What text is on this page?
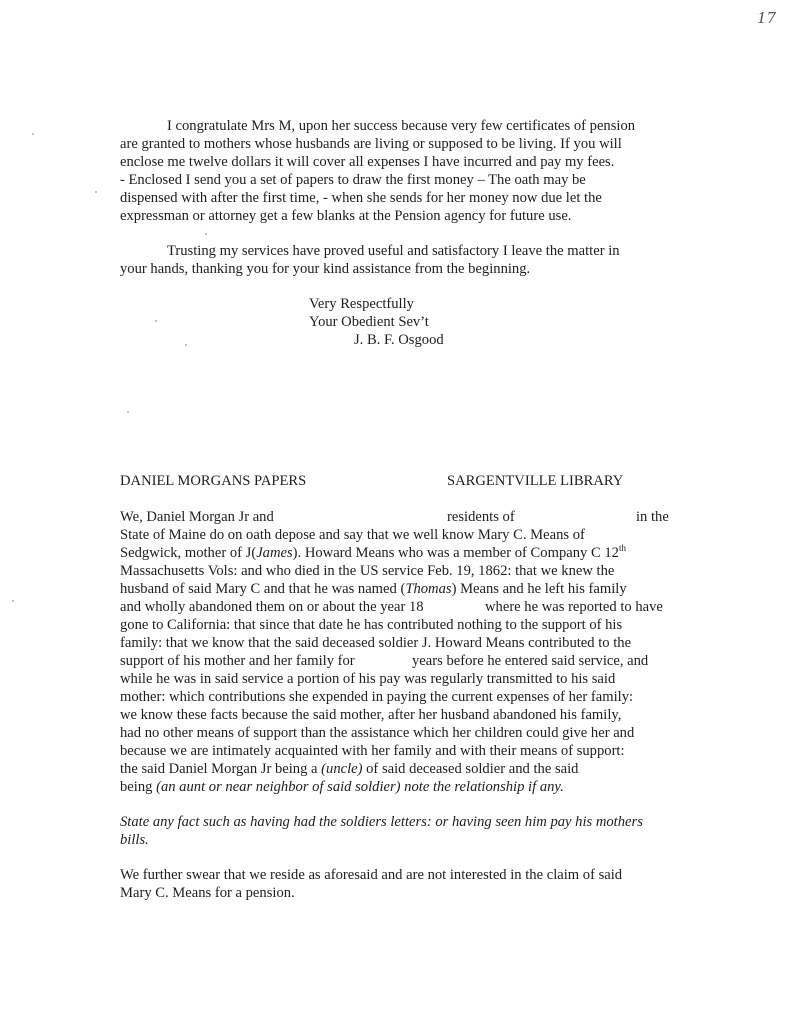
17
I congratulate Mrs M, upon her success because very few certificates of pension
are granted to mothers whose husbands are living or supposed to be living. If you will
enclose me twelve dollars it will cover all expenses I have incurred and pay my fees.
- Enclosed I send you a set of papers to draw the first money – The oath may be
dispensed with after the first time, - when she sends for her money now due let the
expressman or attorney get a few blanks at the Pension agency for future use.
Trusting my services have proved useful and satisfactory I leave the matter in
your hands, thanking you for your kind assistance from the beginning.
Very Respectfully
Your Obedient Sev’t
J. B. F. Osgood
DANIEL MORGANS PAPERS	SARGENTVILLE LIBRARY
We, Daniel Morgan Jr and	residents of	in the
State of Maine do on oath depose and say that we well know Mary C. Means of
Sedgwick, mother of J(James). Howard Means who was a member of Company C 12th
Massachusetts Vols: and who died in the US service Feb. 19, 1862: that we knew the
husband of said Mary C and that he was named (Thomas) Means and he left his family
and wholly abandoned them on or about the year 18	where he was reported to have
gone to California: that since that date he has contributed nothing to the support of his
family: that we know that the said deceased soldier J. Howard Means contributed to the
support of his mother and her family for	years before he entered said service, and
while he was in said service a portion of his pay was regularly transmitted to his said
mother: which contributions she expended in paying the current expenses of her family:
we know these facts because the said mother, after her husband abandoned his family,
had no other means of support than the assistance which her children could give her and
because we are intimately acquainted with her family and with their means of support:
the said Daniel Morgan Jr being a (uncle) of said deceased soldier and the said
being (an aunt or near neighbor of said soldier) note the relationship if any.
State any fact such as having had the soldiers letters: or having seen him pay his mothers
bills.
We further swear that we reside as aforesaid and are not interested in the claim of said
Mary C. Means for a pension.
